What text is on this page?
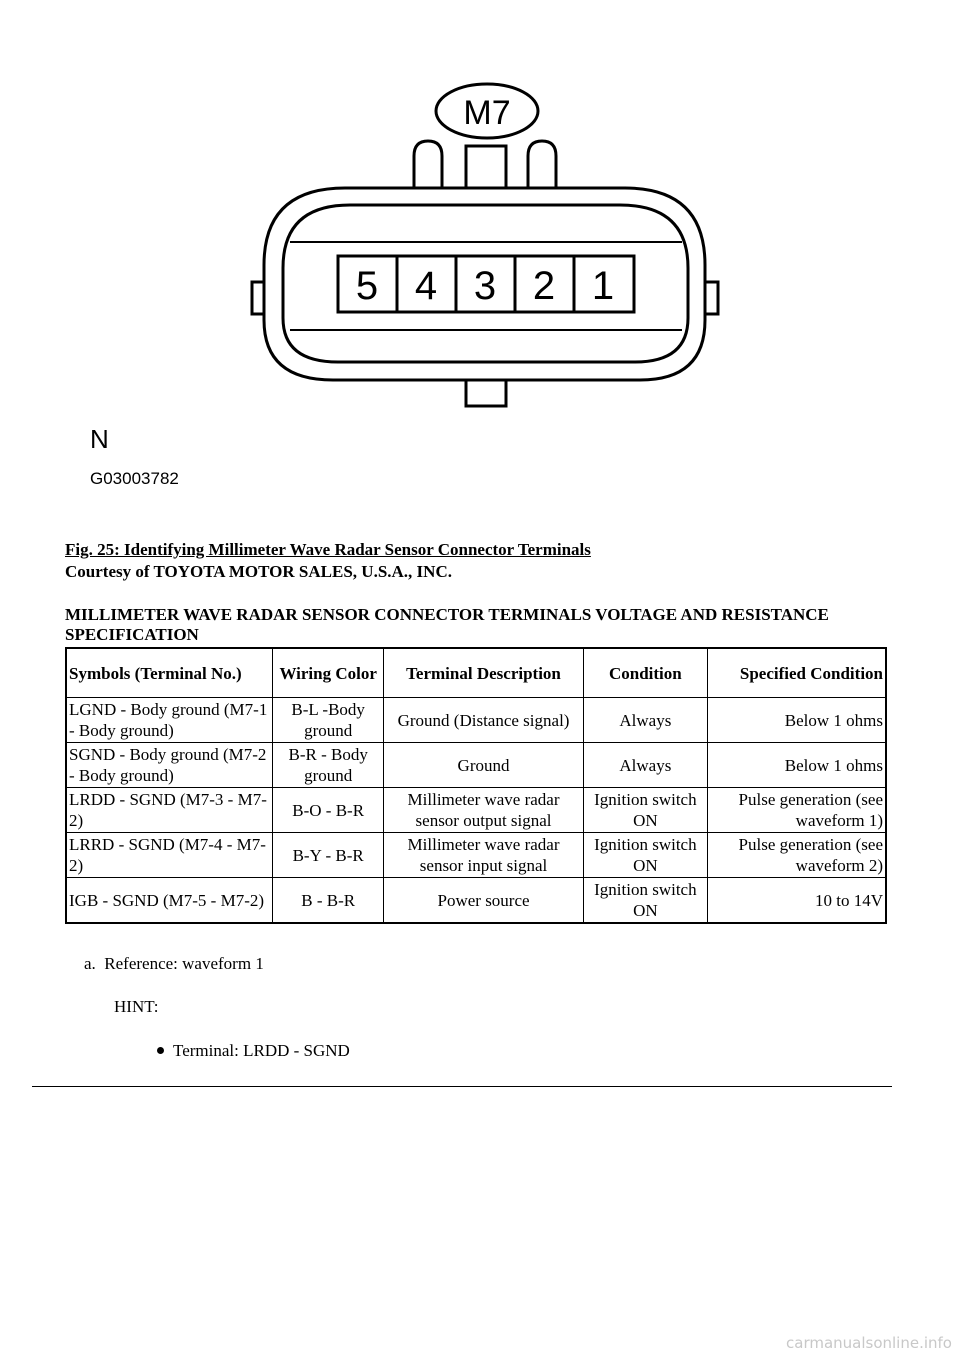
M7
5 4 3 2 1
N
G03003782
Fig. 25: Identifying Millimeter Wave Radar Sensor Connector Terminals
Courtesy of TOYOTA MOTOR SALES, U.S.A., INC.
MILLIMETER WAVE RADAR SENSOR CONNECTOR TERMINALS VOLTAGE AND RESISTANCE SPECIFICATION
Symbols (Terminal No.)	Wiring Color	Terminal Description	Condition	Specified Condition
LGND - Body ground (M7-1 - Body ground)	B-L -Body ground	Ground (Distance signal)	Always	Below 1 ohms
SGND - Body ground (M7-2 - Body ground)	B-R - Body ground	Ground	Always	Below 1 ohms
LRDD - SGND (M7-3 - M7-2)	B-O - B-R	Millimeter wave radar sensor output signal	Ignition switch ON	Pulse generation (see waveform 1)
LRRD - SGND (M7-4 - M7-2)	B-Y - B-R	Millimeter wave radar sensor input signal	Ignition switch ON	Pulse generation (see waveform 2)
IGB - SGND (M7-5 - M7-2)	B - B-R	Power source	Ignition switch ON	10 to 14V
a. Reference: waveform 1
HINT:
Terminal: LRDD - SGND
carmanualsonline.info
